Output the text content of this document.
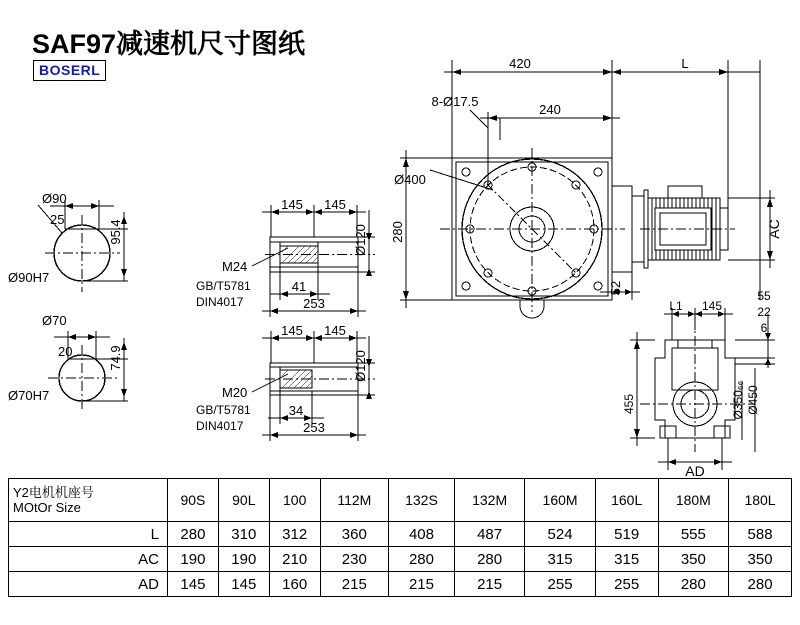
SAF97减速机尺寸图纸
BOSERL	420	L
8-Ø17.5
240
Ø400
280
52
AC
Ø90
25	95.4
Ø90H7
Ø70
20	74.9
Ø70H7
145 145
Ø120
M24
GB/T5781
DIN4017
41
253
145 145
Ø120
M20
GB/T5781
DIN4017
34
253
L1 145
55
22
6
455	Ø350₆₆ Ø450
AD
Y2电机机座号
MOtOr Size	90S	90L	100	112M	132S	132M	160M	160L	180M	180L
L	280	310	312	360	408	487	524	519	555	588
AC	190	190	210	230	280	280	315	315	350	350
AD	145	145	160	215	215	215	255	255	280	280
